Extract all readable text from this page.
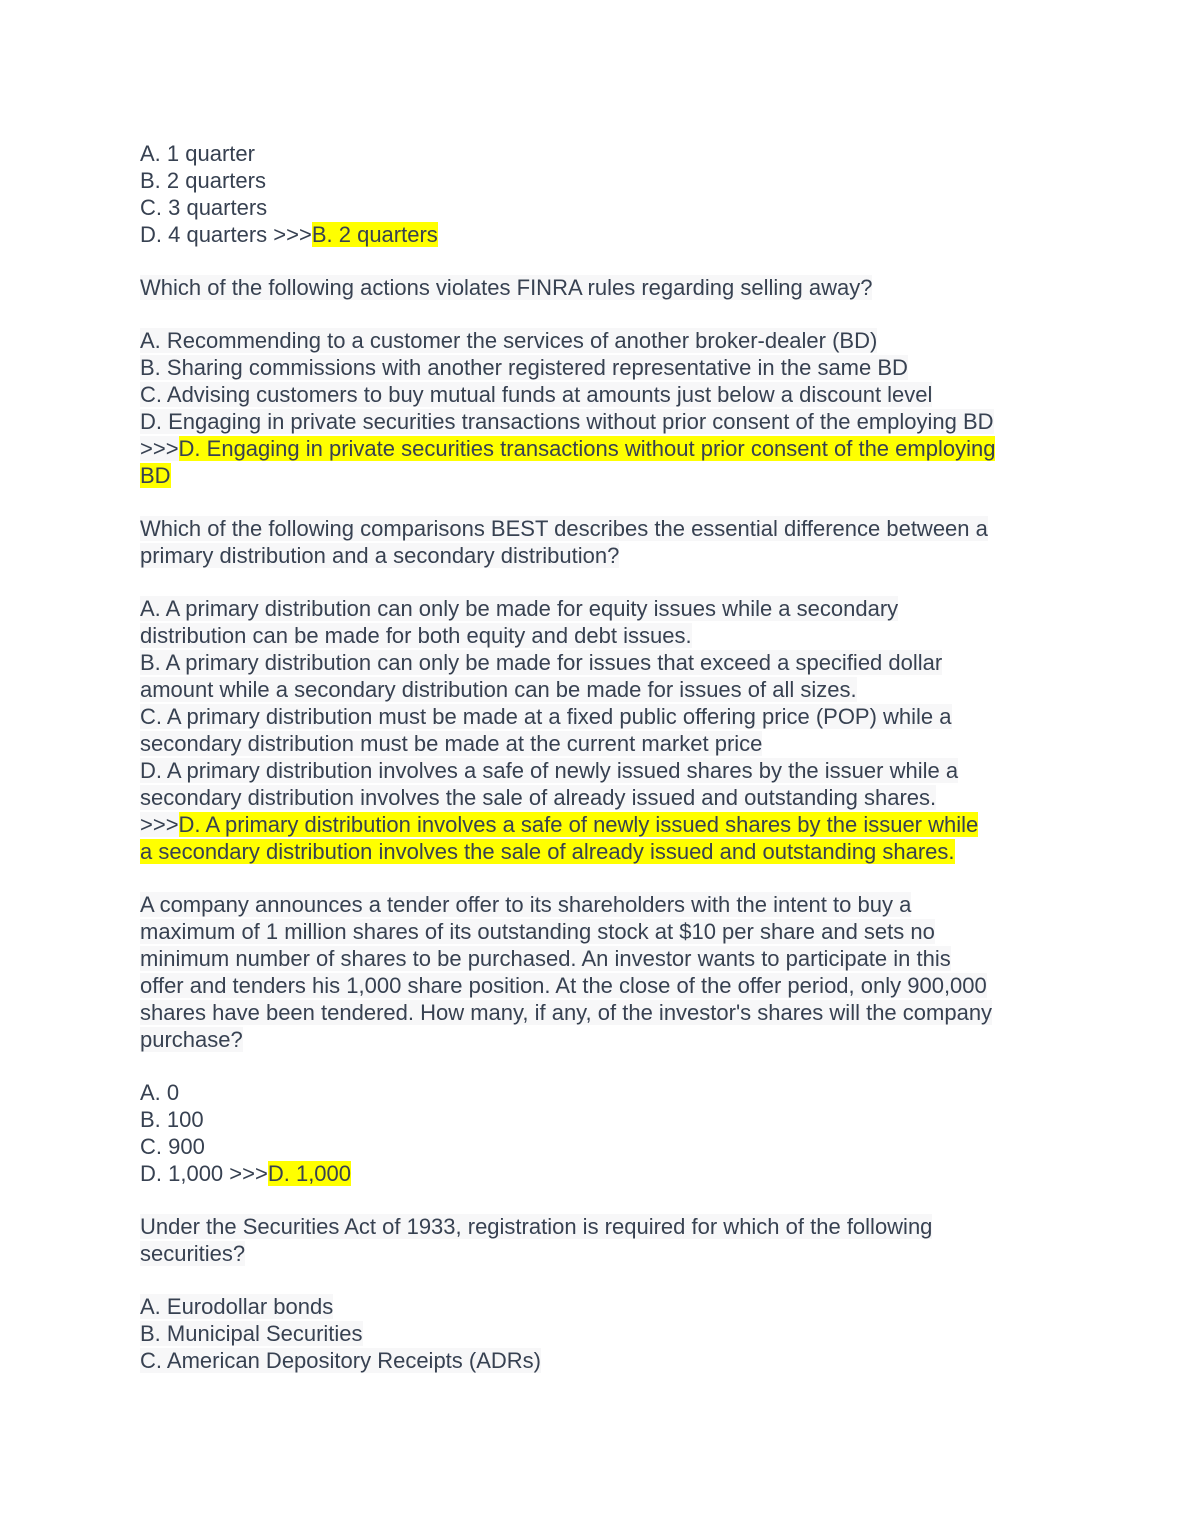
A. 1 quarter
B. 2 quarters
C. 3 quarters
D. 4 quarters >>>B. 2 quarters
Which of the following actions violates FINRA rules regarding selling away?
A. Recommending to a customer the services of another broker-dealer (BD)
B. Sharing commissions with another registered representative in the same BD
C. Advising customers to buy mutual funds at amounts just below a discount level
D. Engaging in private securities transactions without prior consent of the employing BD
>>>D. Engaging in private securities transactions without prior consent of the employing
BD
Which of the following comparisons BEST describes the essential difference between a
primary distribution and a secondary distribution?
A. A primary distribution can only be made for equity issues while a secondary
distribution can be made for both equity and debt issues.
B. A primary distribution can only be made for issues that exceed a specified dollar
amount while a secondary distribution can be made for issues of all sizes.
C. A primary distribution must be made at a fixed public offering price (POP) while a
secondary distribution must be made at the current market price
D. A primary distribution involves a safe of newly issued shares by the issuer while a
secondary distribution involves the sale of already issued and outstanding shares.
>>>D. A primary distribution involves a safe of newly issued shares by the issuer while
a secondary distribution involves the sale of already issued and outstanding shares.
A company announces a tender offer to its shareholders with the intent to buy a
maximum of 1 million shares of its outstanding stock at $10 per share and sets no
minimum number of shares to be purchased. An investor wants to participate in this
offer and tenders his 1,000 share position. At the close of the offer period, only 900,000
shares have been tendered. How many, if any, of the investor's shares will the company
purchase?
A. 0
B. 100
C. 900
D. 1,000 >>>D. 1,000
Under the Securities Act of 1933, registration is required for which of the following
securities?
A. Eurodollar bonds
B. Municipal Securities
C. American Depository Receipts (ADRs)
